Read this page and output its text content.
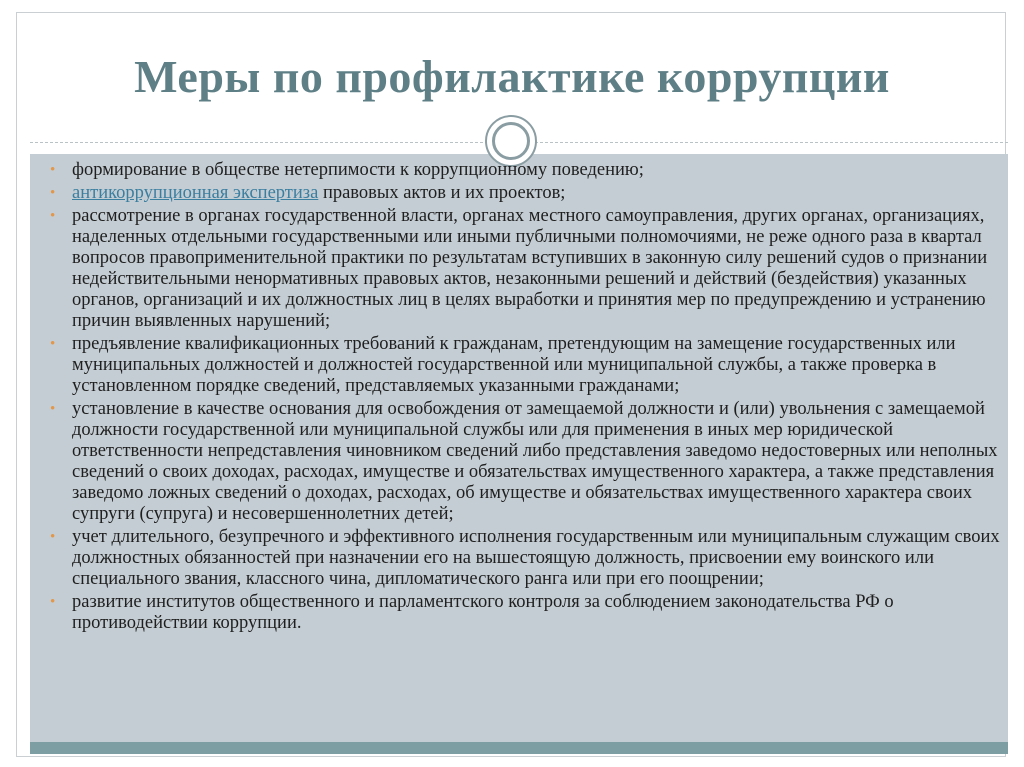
Меры по профилактике коррупции
• формирование в обществе нетерпимости к коррупционному поведению;
• антикоррупционная экспертиза правовых актов и их проектов;
• рассмотрение в органах государственной власти, органах местного самоуправления, других органах, организациях, наделенных отдельными государственными или иными публичными полномочиями, не реже одного раза в квартал вопросов правоприменительной практики по результатам вступивших в законную силу решений судов о признании недействительными ненормативных правовых актов, незаконными решений и действий (бездействия) указанных органов, организаций и их должностных лиц в целях выработки и принятия мер по предупреждению и устранению причин выявленных нарушений;
• предъявление квалификационных требований к гражданам, претендующим на замещение государственных или муниципальных должностей и должностей государственной или муниципальной службы, а также проверка в установленном порядке сведений, представляемых указанными гражданами;
• установление в качестве основания для освобождения от замещаемой должности и (или) увольнения с замещаемой должности государственной или муниципальной службы или для применения в иных мер юридической ответственности непредставления чиновником сведений либо представления заведомо недостоверных или неполных сведений о своих доходах, расходах, имуществе и обязательствах имущественного характера, а также представления заведомо ложных сведений о доходах, расходах, об имуществе и обязательствах имущественного характера своих супруги (супруга) и несовершеннолетних детей;
• учет длительного, безупречного и эффективного исполнения государственным или муниципальным служащим своих должностных обязанностей при назначении его на вышестоящую должность, присвоении ему воинского или специального звания, классного чина, дипломатического ранга или при его поощрении;
• развитие институтов общественного и парламентского контроля за соблюдением законодательства РФ о противодействии коррупции.
